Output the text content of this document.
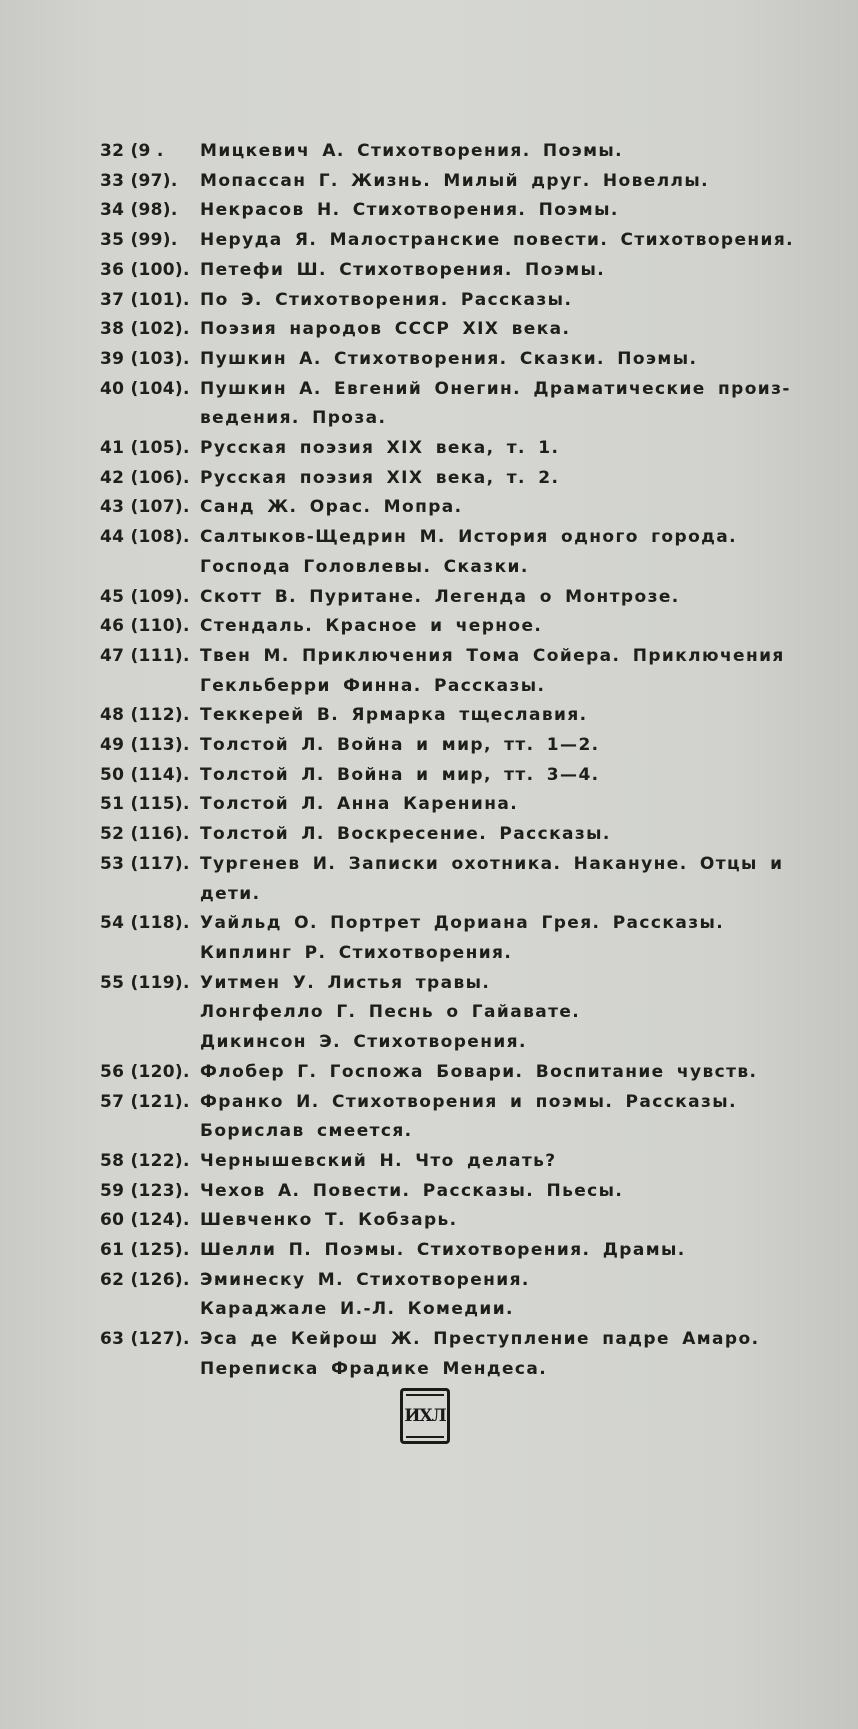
32 (9 .	Мицкевич А. Стихотворения. Поэмы.
33 (97).	Мопассан Г. Жизнь. Милый друг. Новеллы.
34 (98).	Некрасов Н. Стихотворения. Поэмы.
35 (99).	Неруда Я. Малостранские повести. Стихотворения.
36 (100). Петефи Ш. Стихотворения. Поэмы.
37 (101). По Э. Стихотворения. Рассказы.
38 (102). Поэзия народов СССР XIX века.
39 (103). Пушкин А. Стихотворения. Сказки. Поэмы.
40 (104). Пушкин А. Евгений Онегин. Драматические произ-
ведения. Проза.
41 (105). Русская поэзия XIX века, т. 1.
42 (106). Русская поэзия XIX века, т. 2.
43 (107). Санд Ж. Орас. Мопра.
44 (108). Салтыков-Щедрин М. История одного города.
Господа Головлевы. Сказки.
45 (109). Скотт В. Пуритане. Легенда о Монтрозе.
46 (110). Стендаль. Красное и черное.
47 (111). Твен М. Приключения Тома Сойера. Приключения
Гекльберри Финна. Рассказы.
48 (112). Теккерей В. Ярмарка тщеславия.
49 (113). Толстой Л. Война и мир, тт. 1—2.
50 (114). Толстой Л. Война и мир, тт. 3—4.
51 (115). Толстой Л. Анна Каренина.
52 (116). Толстой Л. Воскресение. Рассказы.
53 (117). Тургенев И. Записки охотника. Накануне. Отцы и
дети.
54 (118). Уайльд О. Портрет Дориана Грея. Рассказы.
Киплинг Р. Стихотворения.
55 (119). Уитмен У. Листья травы.
Лонгфелло Г. Песнь о Гайавате.
Дикинсон Э. Стихотворения.
56 (120). Флобер Г. Госпожа Бовари. Воспитание чувств.
57 (121). Франко И. Стихотворения и поэмы. Рассказы.
Борислав смеется.
58 (122). Чернышевский Н. Что делать?
59 (123). Чехов А. Повести. Рассказы. Пьесы.
60 (124). Шевченко Т. Кобзарь.
61 (125). Шелли П. Поэмы. Стихотворения. Драмы.
62 (126). Эминеску М. Стихотворения.
Караджале И.-Л. Комедии.
63 (127). Эса де Кейрош Ж. Преступление падре Амаро.
Переписка Фрадике Мендеса.
ИХЛ
